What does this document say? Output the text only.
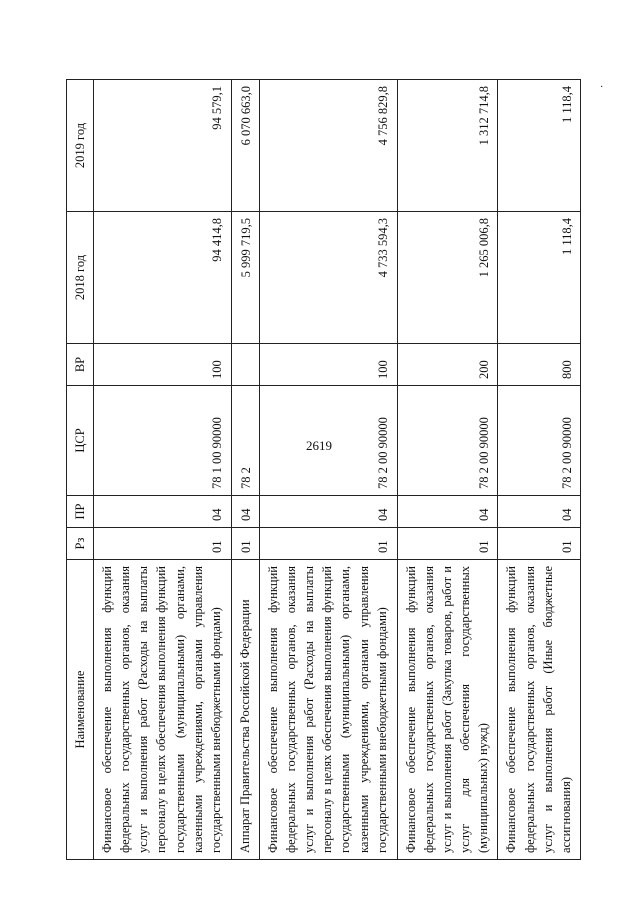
2619
·
Наименование	Рз	ПР	ЦСР	ВР	2018 год	2019 год
Финансовое обеспечение выполнения функций федеральных государственных органов, оказания услуг и выполнения работ (Расходы на выплаты персоналу в целях обеспечения выполнения функций государственными (муниципальными) органами, казенными учреждениями, органами управления государственными внебюджетными фондами)	01	04	78 1 00 90000	100	94 414,8	94 579,1
Аппарат Правительства Российской Федерации	01	04	78 2		5 999 719,5	6 070 663,0
Финансовое обеспечение выполнения функций федеральных государственных органов, оказания услуг и выполнения работ (Расходы на выплаты персоналу в целях обеспечения выполнения функций государственными (муниципальными) органами, казенными учреждениями, органами управления государственными внебюджетными фондами)	01	04	78 2 00 90000	100	4 733 594,3	4 756 829,8
Финансовое обеспечение выполнения функций федеральных государственных органов, оказания услуг и выполнения работ (Закупка товаров, работ и услуг для обеспечения государственных (муниципальных) нужд)	01	04	78 2 00 90000	200	1 265 006,8	1 312 714,8
Финансовое обеспечение выполнения функций федеральных государственных органов, оказания услуг и выполнения работ (Иные бюджетные ассигнования)	01	04	78 2 00 90000	800	1 118,4	1 118,4
